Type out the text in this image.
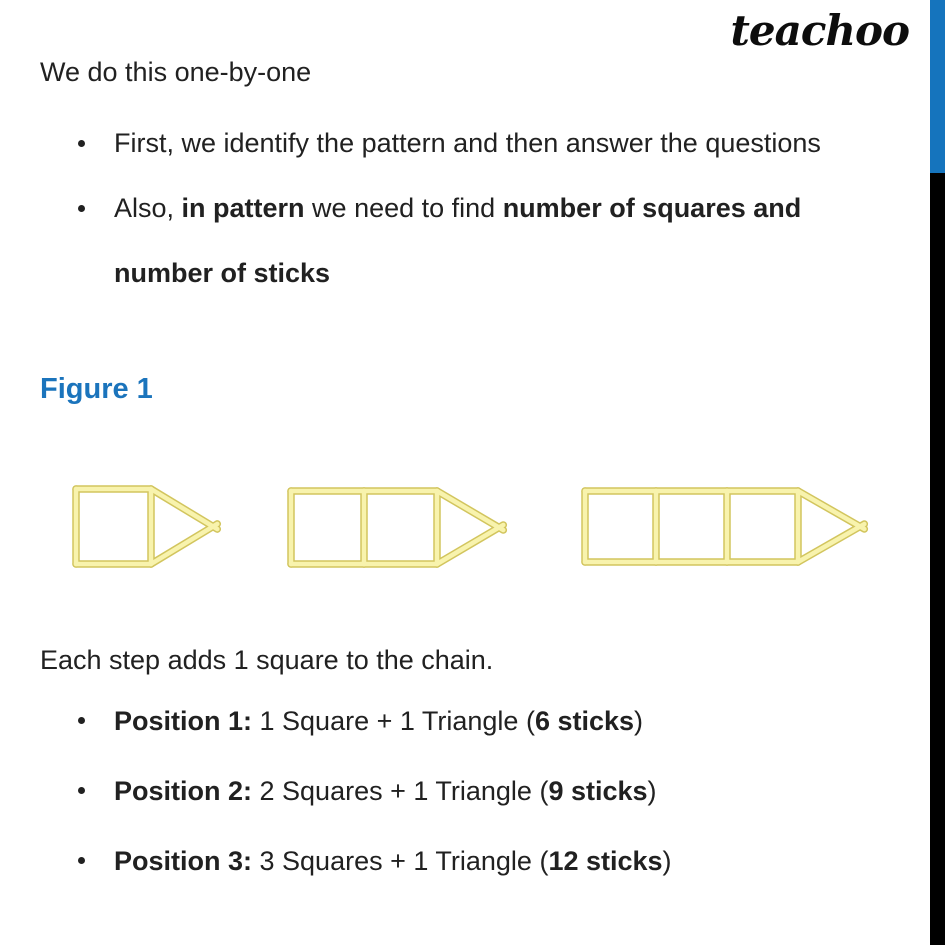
teachoo
We do this one-by-one
First, we identify the pattern and then answer the questions
Also, in pattern we need to find number of squares and
number of sticks
Figure 1
Each step adds 1 square to the chain.
Position 1: 1 Square + 1 Triangle (6 sticks)
Position 2: 2 Squares + 1 Triangle (9 sticks)
Position 3: 3 Squares + 1 Triangle (12 sticks)
